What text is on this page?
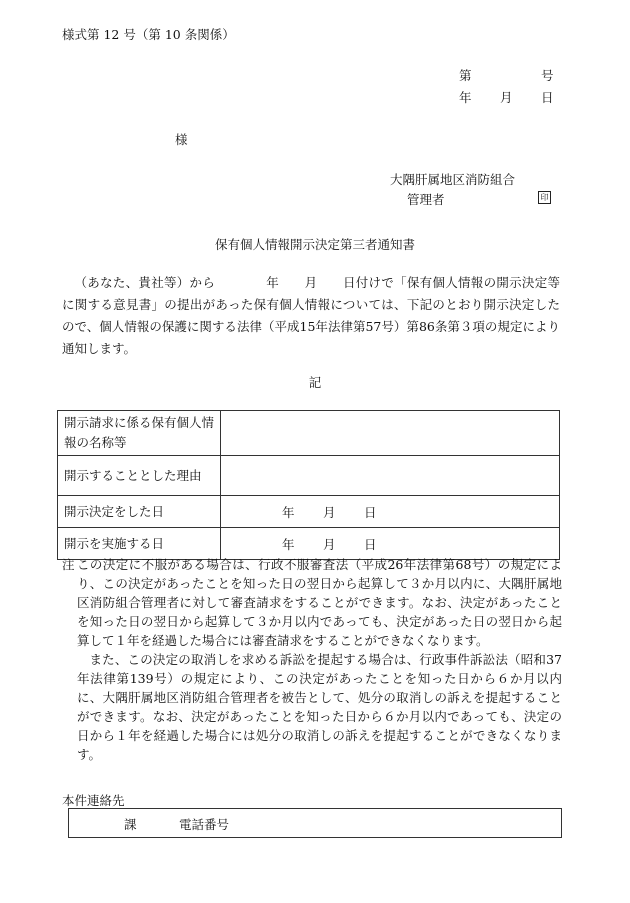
様式第 12 号（第 10 条関係）
第	号
年 月 日
様
大隅肝属地区消防組合
管理者	印
保有個人情報開示決定第三者通知書

（あなた、貴社等）から　　　　年　　月　　日付けで「保有個人情報の開示決定等に関する意見書」の提出があった保有個人情報については、下記のとおり開示決定したので、個人情報の保護に関する法律（平成15年法律第57号）第86条第３項の規定により通知します。

記
開示請求に係る保有個人情報の名称等	
開示することとした理由	
開示決定をした日	年 月 日

開示を実施する日	年 月 日
注 この決定に不服がある場合は、行政不服審査法（平成26年法律第68号）の規定により、この決定があったことを知った日の翌日から起算して３か月以内に、大隅肝属地区消防組合管理者に対して審査請求をすることができます。なお、決定があったことを知った日の翌日から起算して３か月以内であっても、決定があった日の翌日から起算して１年を経過した場合には審査請求をすることができなくなります。

また、この決定の取消しを求める訴訟を提起する場合は、行政事件訴訟法（昭和37年法律第139号）の規定により、この決定があったことを知った日から６か月以内に、大隅肝属地区消防組合管理者を被告として、処分の取消しの訴えを提起することができます。なお、決定があったことを知った日から６か月以内であっても、決定の日から１年を経過した場合には処分の取消しの訴えを提起することができなくなります。

本件連絡先
課	電話番号
